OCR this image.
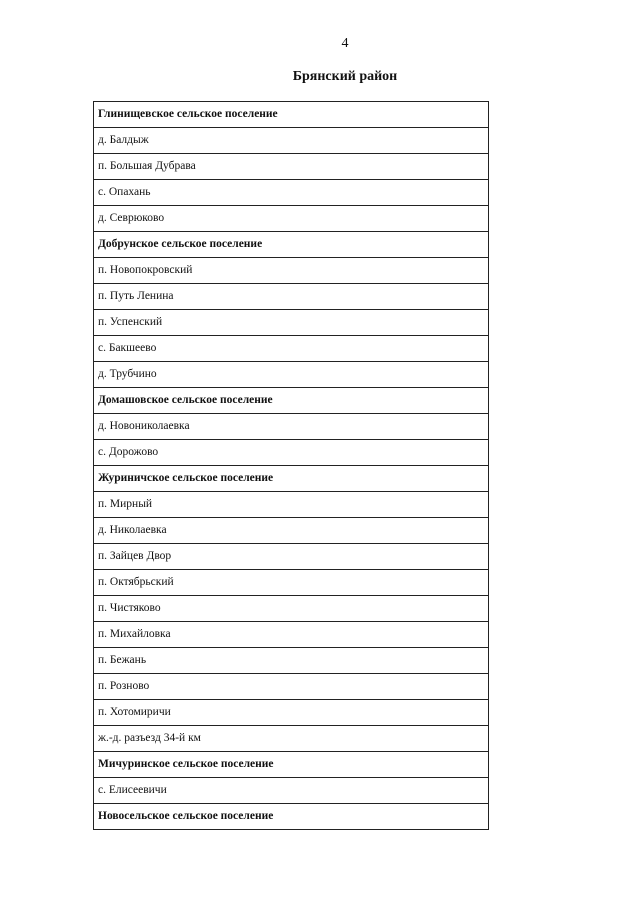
4
Брянский район
Глинищевское сельское поселение
д. Балдыж
п. Большая Дубрава
с. Опахань
д. Севрюково
Добрунское сельское поселение
п. Новопокровский
п. Путь Ленина
п. Успенский
с. Бакшеево
д. Трубчино
Домашовское сельское поселение
д. Новониколаевка
с. Дорожово
Журиничское сельское поселение
п. Мирный
д. Николаевка
п. Зайцев Двор
п. Октябрьский
п. Чистяково
п. Михайловка
п. Бежань
п. Розново
п. Хотомиричи
ж.-д. разъезд 34-й км
Мичуринское сельское поселение
с. Елисеевичи
Новосельское сельское поселение
